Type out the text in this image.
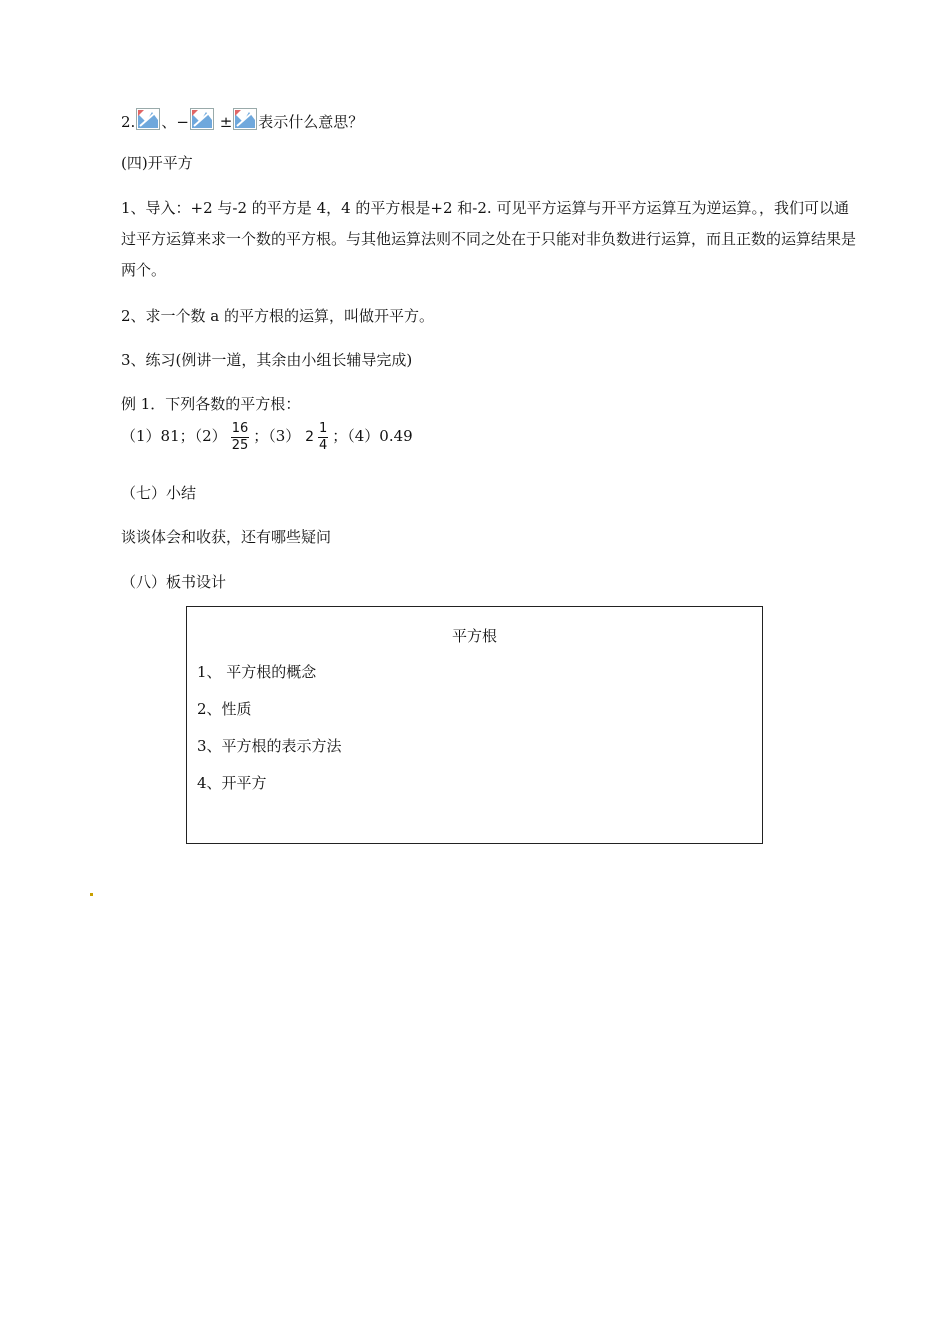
2. 、− ± 表示什么意思？
(四)开平方
1、导入：+2 与-2 的平方是 4，4 的平方根是+2 和-2. 可见平方运算与开平方运算互为逆运算。，我们可以通过平方运算来求一个数的平方根。与其他运算法则不同之处在于只能对非负数进行运算，而且正数的运算结果是两个。
2、求一个数 a 的平方根的运算，叫做开平方。
3、练习(例讲一道，其余由小组长辅导完成)
例 1．下列各数的平方根：
（1）81；$(2) \frac{16}{25}$ ；（3） $2 \frac{1}{4}$ ；（4）0.49
（七）小结
谈谈体会和收获，还有哪些疑问
（八）板书设计
平方根
1、 平方根的概念
2、性质
3、平方根的表示方法
4、开平方
